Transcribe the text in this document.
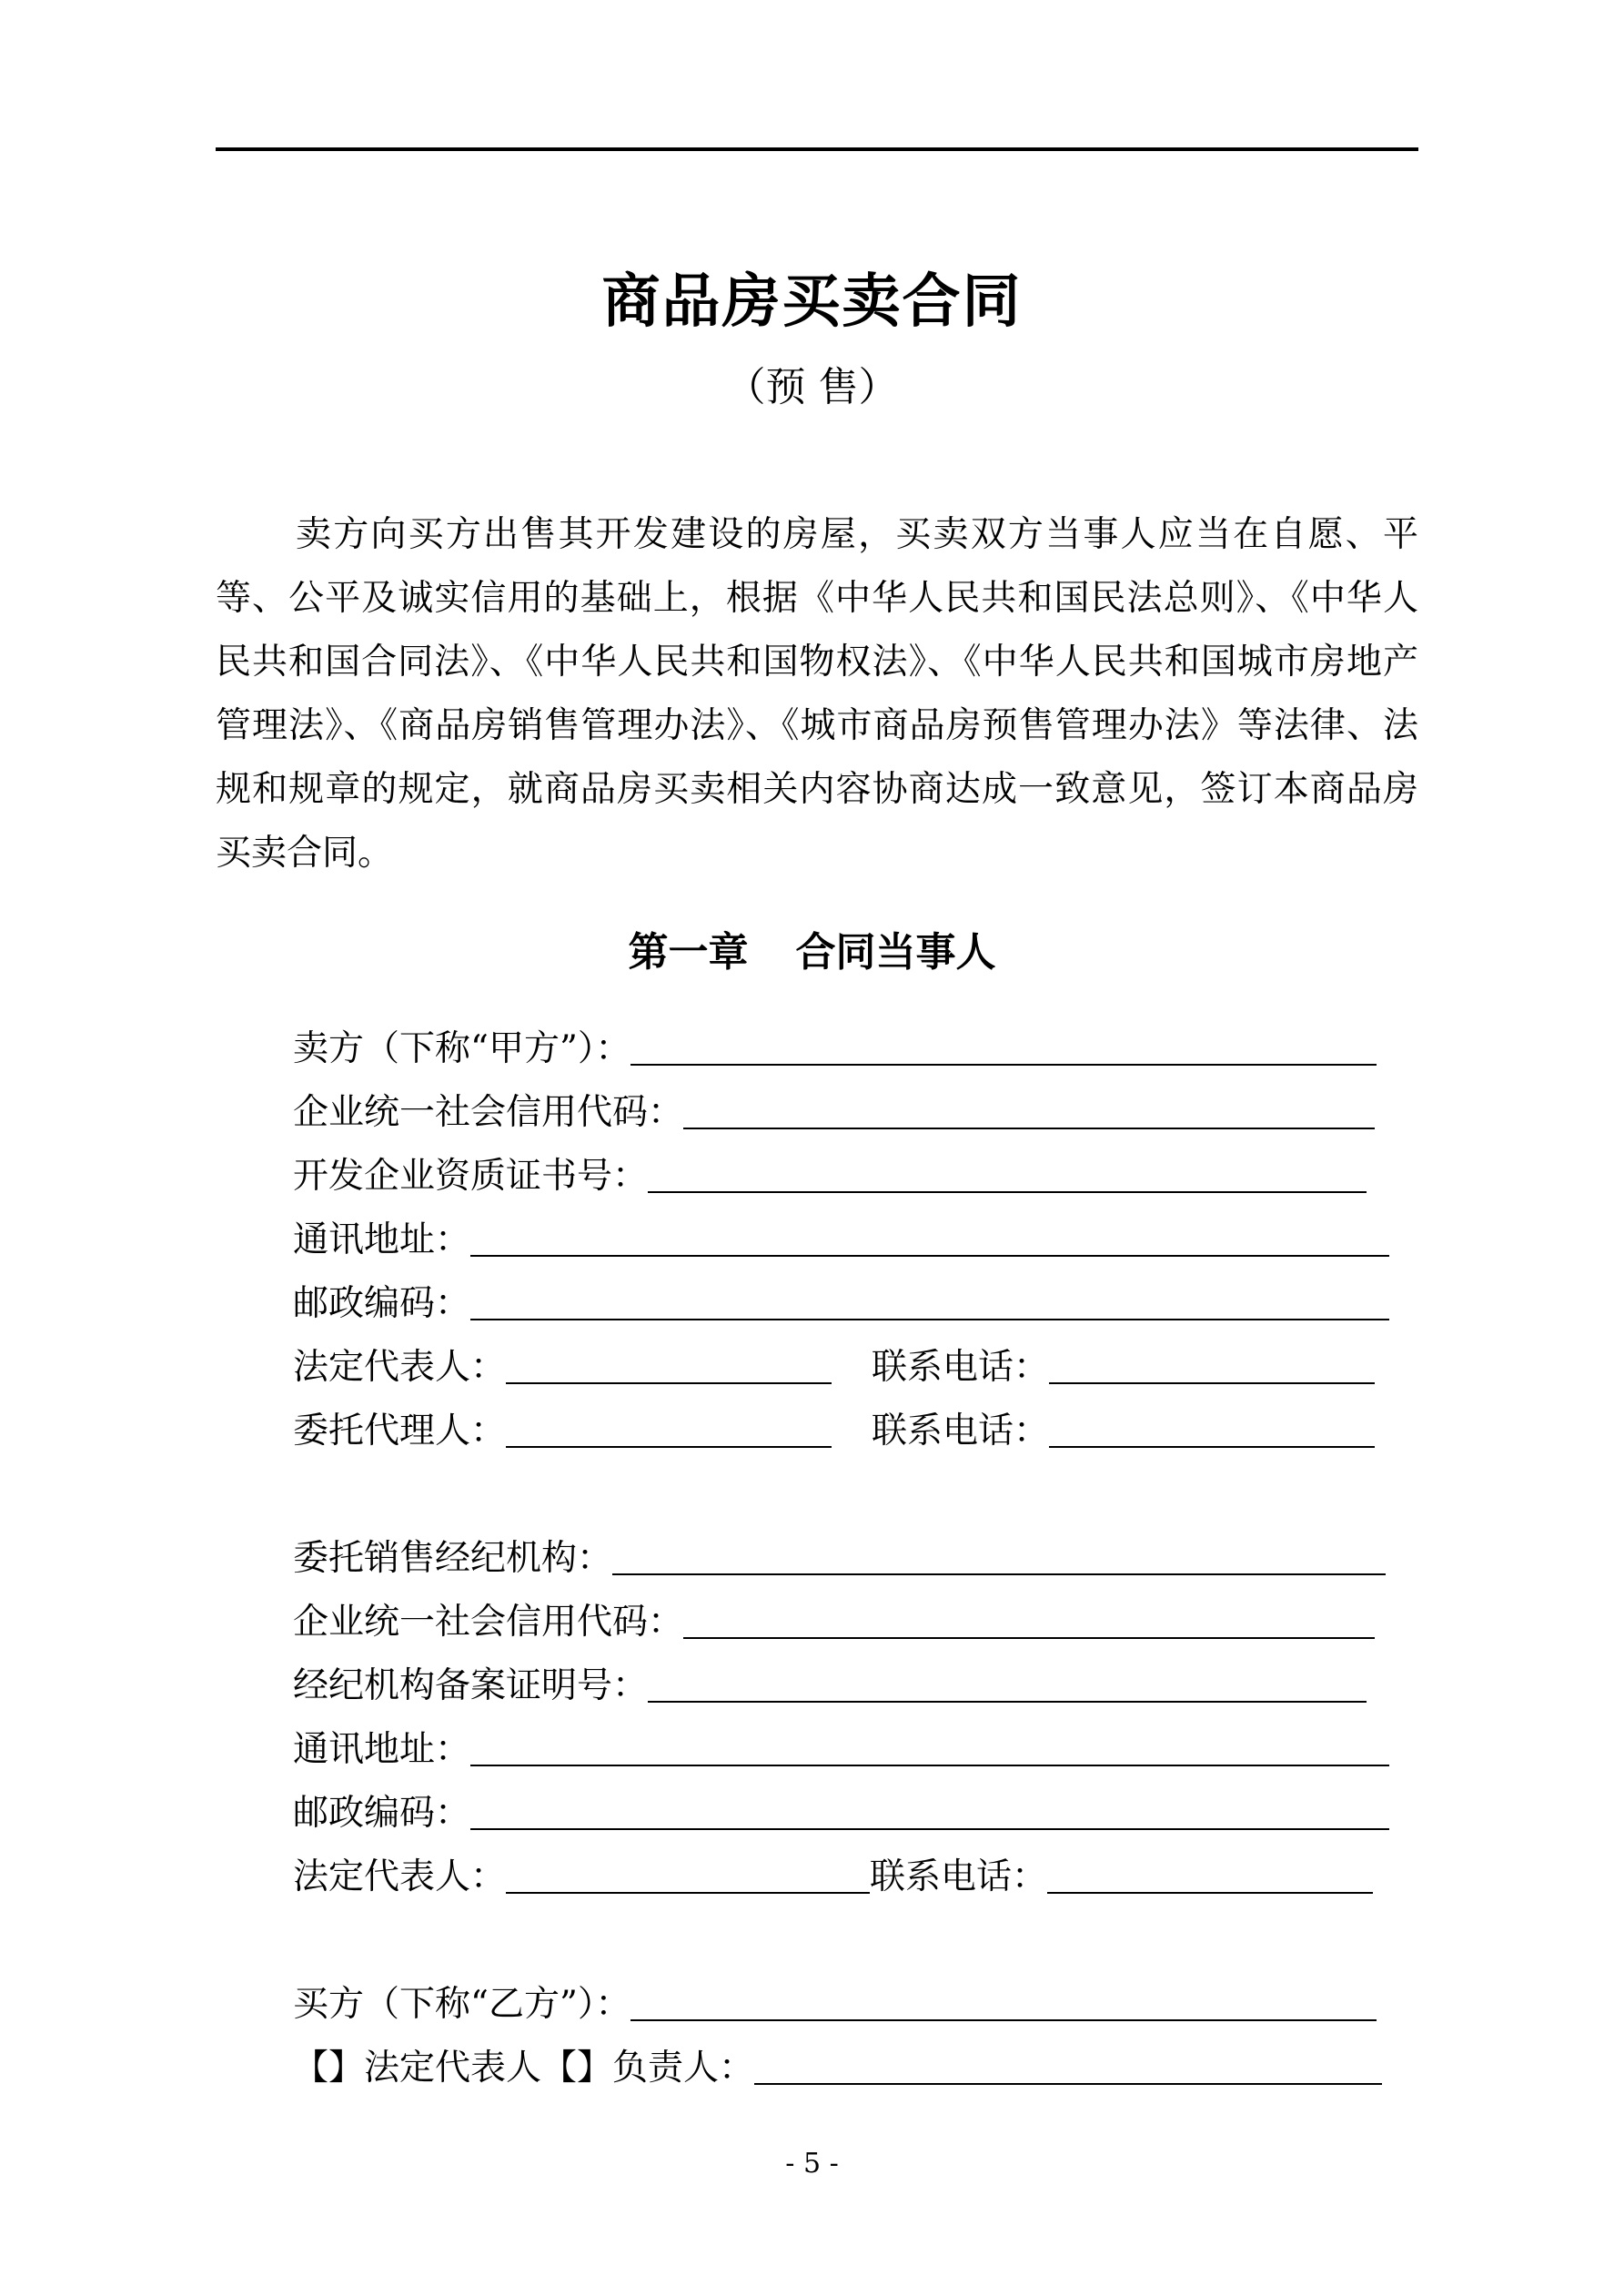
商品房买卖合同
（预 售）

卖方向买方出售其开发建设的房屋，买卖双方当事人应当在自愿、平等、公平及诚实信用的基础上，根据《中华人民共和国民法总则》、《中华人民共和国合同法》、《中华人民共和国物权法》、《中华人民共和国城市房地产管理法》、《商品房销售管理办法》、《城市商品房预售管理办法》等法律、法规和规章的规定，就商品房买卖相关内容协商达成一致意见，签订本商品房买卖合同。

第一章 合同当事人
卖方（下称“甲方”）：
企业统一社会信用代码：
开发企业资质证书号：
通讯地址：
邮政编码：
法定代表人：	联系电话：
委托代理人：	联系电话：
委托销售经纪机构：
企业统一社会信用代码：
经纪机构备案证明号：
通讯地址：
邮政编码：
法定代表人：	联系电话：
买方（下称“乙方”）：
【】法定代表人【】负责人：
- 5 -
